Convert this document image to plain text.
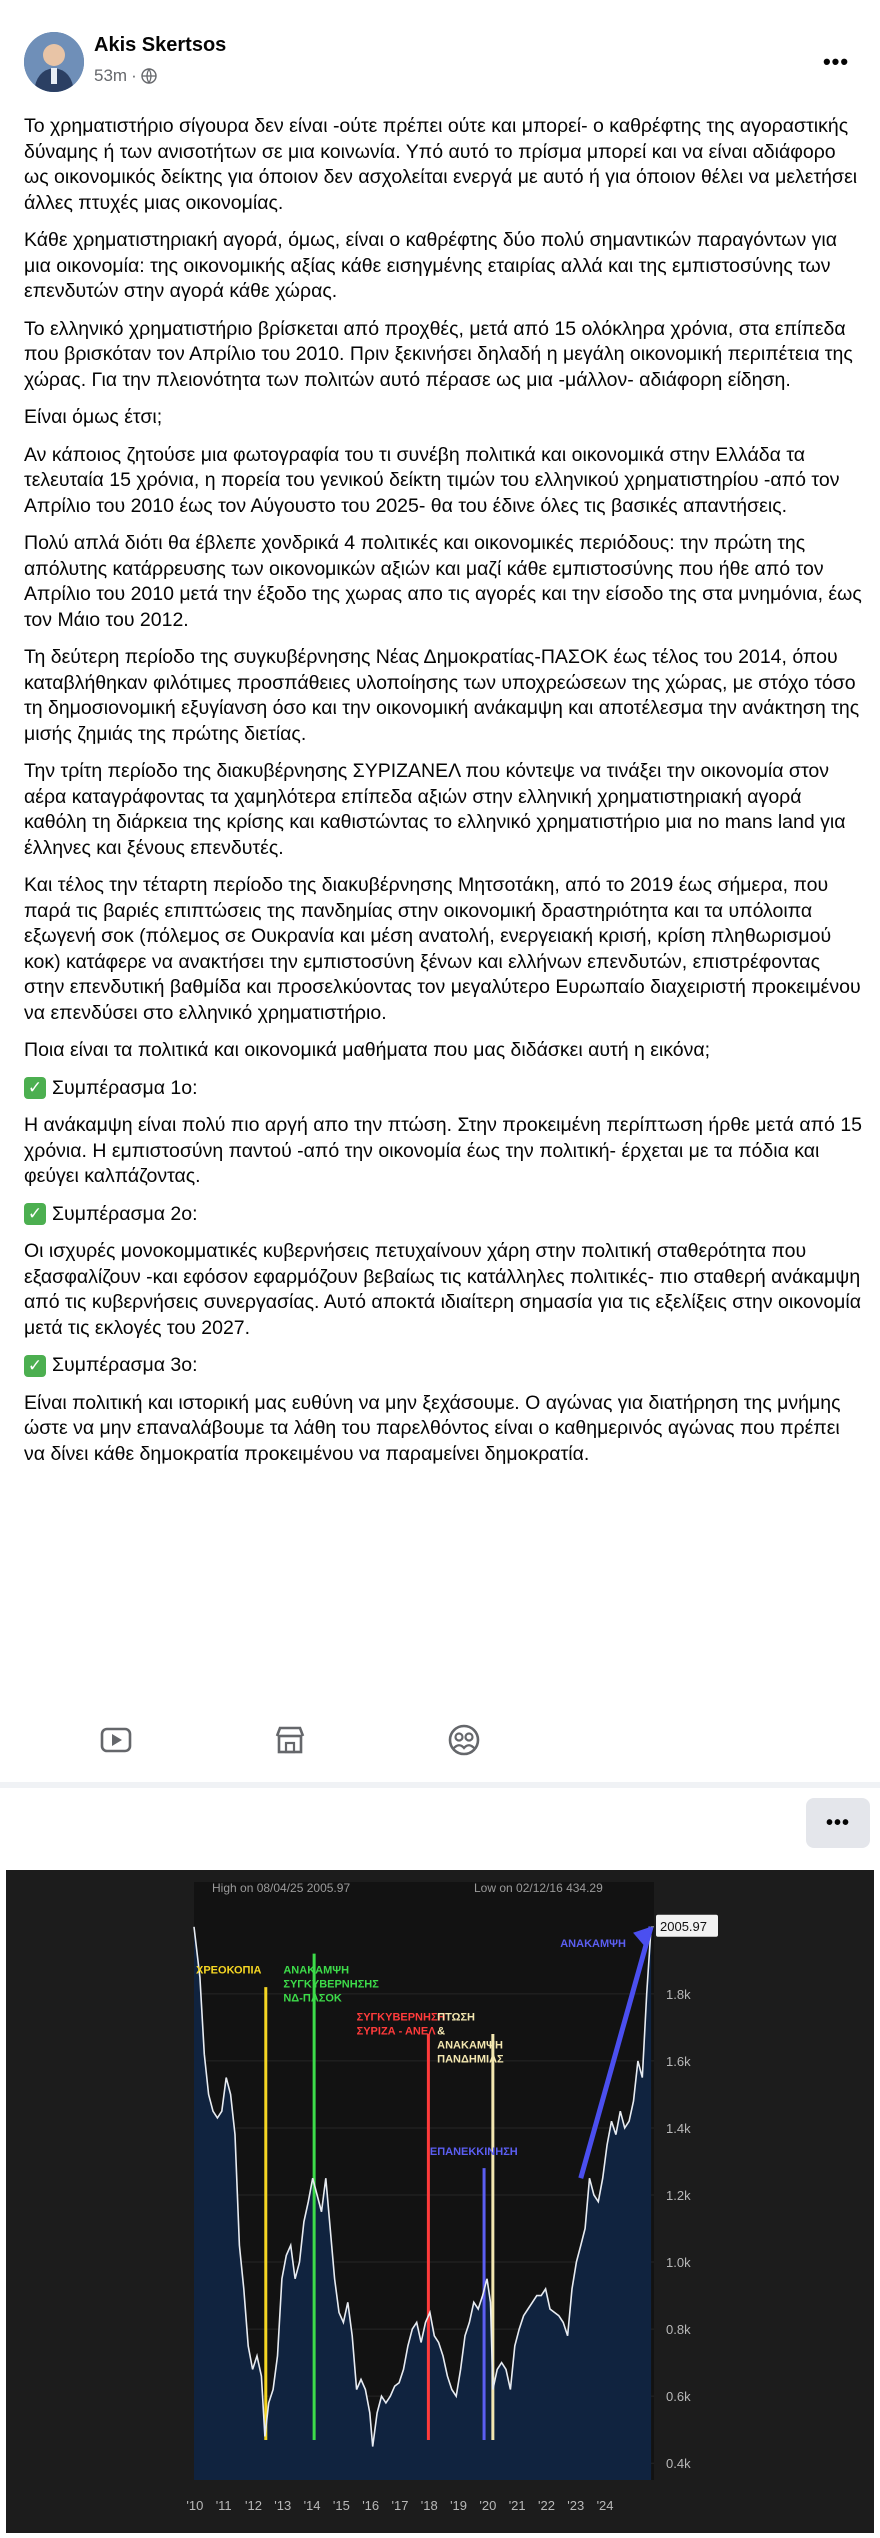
Akis Skertsos
53m ·
•••

Το χρηματιστήριο σίγουρα δεν είναι -ούτε πρέπει ούτε και μπορεί- ο καθρέφτης της αγοραστικής δύναμης ή των ανισοτήτων σε μια κοινωνία. Υπό αυτό το πρίσμα μπορεί και να είναι αδιάφορο ως οικονομικός δείκτης για όποιον δεν ασχολείται ενεργά με αυτό ή για όποιον θέλει να μελετήσει άλλες πτυχές μιας οικονομίας.

Κάθε χρηματιστηριακή αγορά, όμως, είναι ο καθρέφτης δύο πολύ σημαντικών παραγόντων για μια οικονομία: της οικονομικής αξίας κάθε εισηγμένης εταιρίας αλλά και της εμπιστοσύνης των επενδυτών στην αγορά κάθε χώρας.

Το ελληνικό χρηματιστήριο βρίσκεται από προχθές, μετά από 15 ολόκληρα χρόνια, στα επίπεδα που βρισκόταν τον Απρίλιο του 2010. Πριν ξεκινήσει δηλαδή η μεγάλη οικονομική περιπέτεια της χώρας. Για την πλειονότητα των πολιτών αυτό πέρασε ως μια -μάλλον- αδιάφορη είδηση.

Είναι όμως έτσι;

Αν κάποιος ζητούσε μια φωτογραφία του τι συνέβη πολιτικά και οικονομικά στην Ελλάδα τα τελευταία 15 χρόνια, η πορεία του γενικού δείκτη τιμών του ελληνικού χρηματιστηρίου -από τον Απρίλιο του 2010 έως τον Αύγουστο του 2025- θα του έδινε όλες τις βασικές απαντήσεις.

Πολύ απλά διότι θα έβλεπε χονδρικά 4 πολιτικές και οικονομικές περιόδους: την πρώτη της απόλυτης κατάρρευσης των οικονομικών αξιών και μαζί κάθε εμπιστοσύνης που ήθε από τον Απρίλιο του 2010 μετά την έξοδο της χωρας απο τις αγορές και την είσοδο της στα μνημόνια, έως τον Μάιο του 2012.

Τη δεύτερη περίοδο της συγκυβέρνησης Νέας Δημοκρατίας-ΠΑΣΟΚ έως τέλος του 2014, όπου καταβλήθηκαν φιλότιμες προσπάθειες υλοποίησης των υποχρεώσεων της χώρας, με στόχο τόσο τη δημοσιονομική εξυγίανση όσο και την οικονομική ανάκαμψη και αποτέλεσμα την ανάκτηση της μισής ζημιάς της πρώτης διετίας.

Την τρίτη περίοδο της διακυβέρνησης ΣΥΡΙΖΑΝΕΛ που κόντεψε να τινάξει την οικονομία στον αέρα καταγράφοντας τα χαμηλότερα επίπεδα αξιών στην ελληνική χρηματιστηριακή αγορά καθόλη τη διάρκεια της κρίσης και καθιστώντας το ελληνικό χρηματιστήριο μια no mans land για έλληνες και ξένους επενδυτές.

Και τέλος την τέταρτη περίοδο της διακυβέρνησης Μητσοτάκη, από το 2019 έως σήμερα, που παρά τις βαριές επιπτώσεις της πανδημίας στην οικονομική δραστηριότητα και τα υπόλοιπα εξωγενή σοκ (πόλεμος σε Ουκρανία και μέση ανατολή, ενεργειακή κρισή, κρίση πληθωρισμού κοκ) κατάφερε να ανακτήσει την εμπιστοσύνη ξένων και ελλήνων επενδυτών, επιστρέφοντας στην επενδυτική βαθμίδα και προσελκύοντας τον μεγαλύτερο Ευρωπαίο διαχειριστή προκειμένου να επενδύσει στο ελληνικό χρηματιστήριο.

Ποια είναι τα πολιτικά και οικονομικά μαθήματα που μας διδάσκει αυτή η εικόνα;

✓ Συμπέρασμα 1ο:

Η ανάκαμψη είναι πολύ πιο αργή απο την πτώση. Στην προκειμένη περίπτωση ήρθε μετά από 15 χρόνια. Η εμπιστοσύνη παντού -από την οικονομία έως την πολιτική- έρχεται με τα πόδια και φεύγει καλπάζοντας.

✓ Συμπέρασμα 2ο:

Οι ισχυρές μονοκομματικές κυβερνήσεις πετυχαίνουν χάρη στην πολιτική σταθερότητα που εξασφαλίζουν -και εφόσον εφαρμόζουν βεβαίως τις κατάλληλες πολιτικές- πιο σταθερή ανάκαμψη από τις κυβερνήσεις συνεργασίας. Αυτό αποκτά ιδιαίτερη σημασία για τις εξελίξεις στην οικονομία μετά τις εκλογές του 2027.

✓ Συμπέρασμα 3ο:

Είναι πολιτική και ιστορική μας ευθύνη να μην ξεχάσουμε. Ο αγώνας για διατήρηση της μνήμης ώστε να μην επαναλάβουμε τα λάθη του παρελθόντος είναι ο καθημερινός αγώνας που πρέπει να δίνει κάθε δημοκρατία προκειμένου να παραμείνει δημοκρατία.

•••
High on 08/04/25 2005.97	Low on 02/12/16 434.29
0.4k
0.6k
0.8k
1.0k
1.2k
1.4k
1.6k
1.8k
'10 '11 '12 '13 '14 '15 '16 '17 '18 '19 '20 '21 '22 '23 '24
ΧΡΕΟΚΟΠΙΑ ΑΝΑΚΑΜΨΗ
ΣΥΓΚΥΒΕΡΝΗΣΗΣ
ΝΔ-ΠΑΣΟΚ
ΣΥΓΚΥΒΕΡΝΗΣΗ
ΣΥΡΙΖΑ - ΑΝΕΛ
ΠΤΩΣΗ
&
ΑΝΑΚΑΜΨΗ
ΠΑΝΔΗΜΙΑΣ
ΕΠΑΝΕΚΚΙΝΗΣΗ
ΑΝΑΚΑΜΨΗ
2005.97
